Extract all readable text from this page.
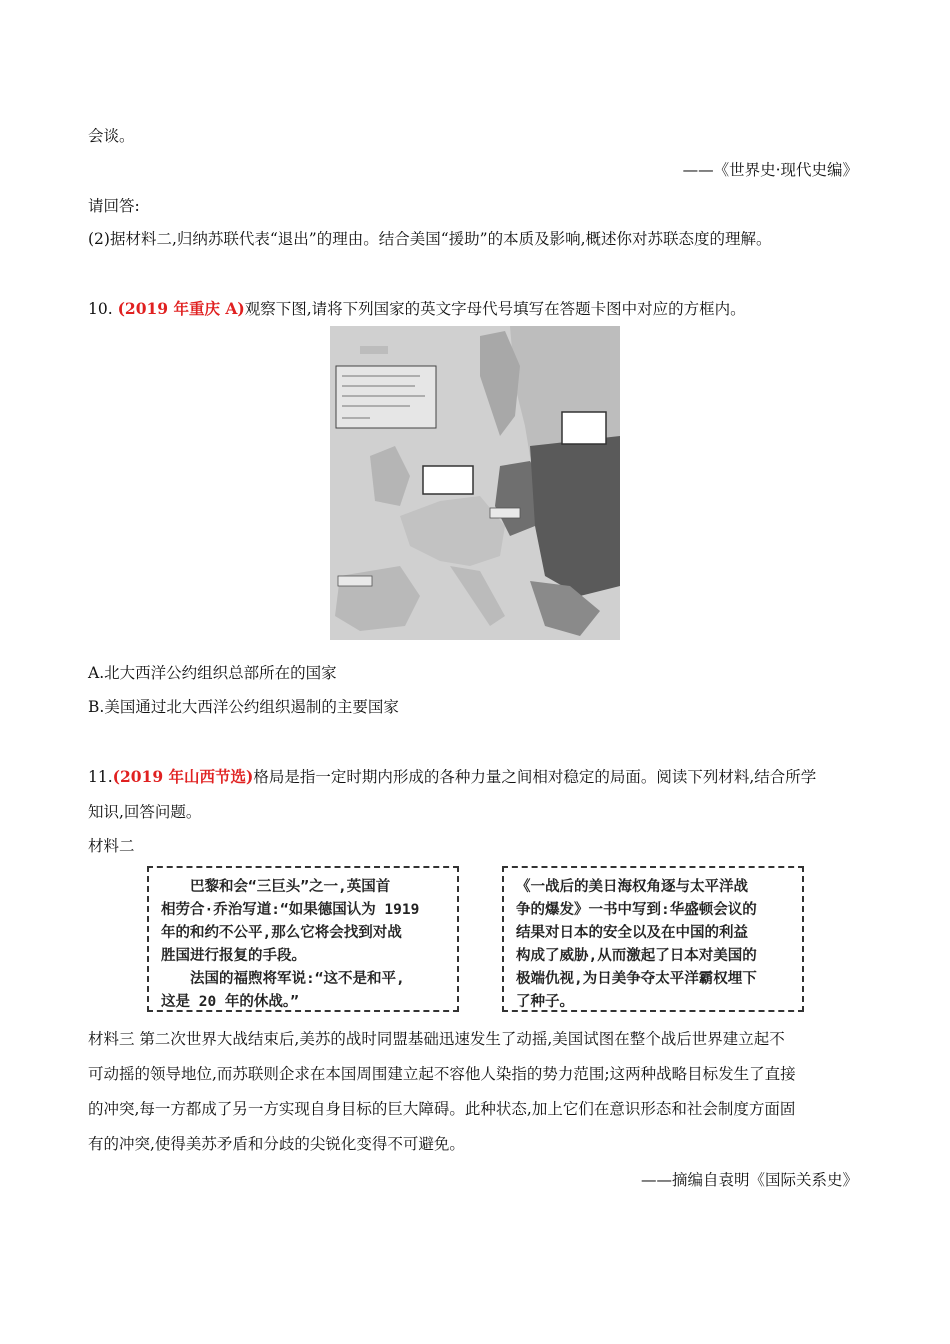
会谈。
——《世界史·现代史编》
请回答:
(2)据材料二,归纳苏联代表“退出”的理由。结合美国“援助”的本质及影响,概述你对苏联态度的理解。
10. (2019 年重庆 A)观察下图,请将下列国家的英文字母代号填写在答题卡图中对应的方框内。
A.北大西洋公约组织总部所在的国家
B.美国通过北大西洋公约组织遏制的主要国家
11.(2019 年山西节选)格局是指一定时期内形成的各种力量之间相对稳定的局面。阅读下列材料,结合所学
知识,回答问题。
材料二

巴黎和会“三巨头”之一,英国首

相劳合·乔治写道:“如果德国认为 1919

年的和约不公平,那么它将会找到对战

胜国进行报复的手段。

法国的福煦将军说:“这不是和平,

这是 20 年的休战。”

《一战后的美日海权角逐与太平洋战

争的爆发》一书中写到:华盛顿会议的

结果对日本的安全以及在中国的利益

构成了威胁,从而激起了日本对美国的

极端仇视,为日美争夺太平洋霸权埋下

了种子。

材料三 第二次世界大战结束后,美苏的战时同盟基础迅速发生了动摇,美国试图在整个战后世界建立起不
可动摇的领导地位,而苏联则企求在本国周围建立起不容他人染指的势力范围;这两种战略目标发生了直接
的冲突,每一方都成了另一方实现自身目标的巨大障碍。此种状态,加上它们在意识形态和社会制度方面固
有的冲突,使得美苏矛盾和分歧的尖锐化变得不可避免。
——摘编自袁明《国际关系史》
